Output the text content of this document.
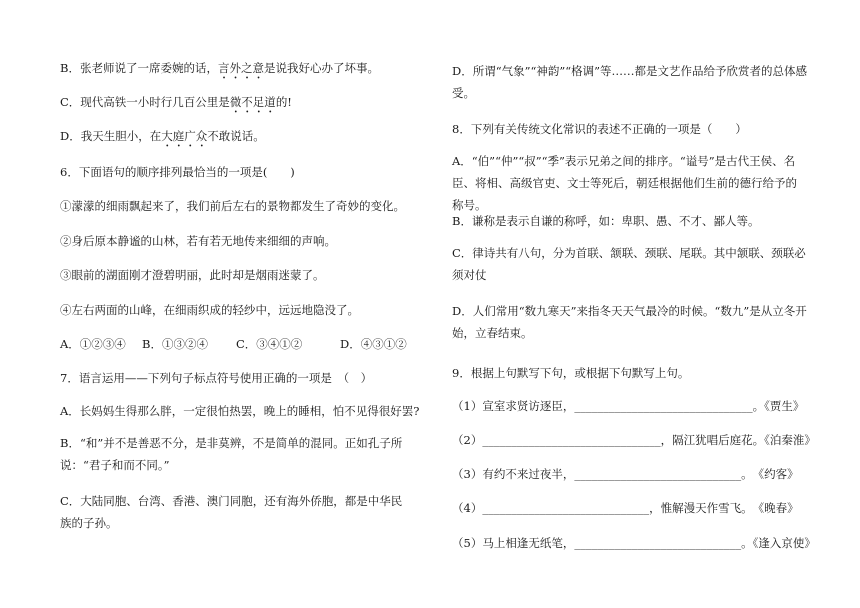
B．张老师说了一席委婉的话，言外之意是说我好心办了坏事。
C．现代高铁一小时行几百公里是微不足道的!
D．我天生胆小，在大庭广众不敢说话。
6．下面语句的顺序排列最恰当的一项是(　　)
①濛濛的细雨飘起来了，我们前后左右的景物都发生了奇妙的变化。
②身后原本静谧的山林，若有若无地传来细细的声响。
③眼前的湖面刚才澄碧明丽，此时却是烟雨迷蒙了。
④左右两面的山峰，在细雨织成的轻纱中，远远地隐没了。
A．①②③④ B．①③②④ C．③④①②	D．④③①②
7．语言运用——下列句子标点符号使用正确的一项是　（　）
A．长妈妈生得那么胖，一定很怕热罢，晚上的睡相，怕不见得很好罢?
B．“和”并不是善恶不分，是非莫辨，不是简单的混同。正如孔子所说：“君子和而不同。”
C．大陆同胞、台湾、香港、澳门同胞，还有海外侨胞，都是中华民族的子孙。
D．所谓“气象”“神韵”“格调”等……都是文艺作品给予欣赏者的总体感受。
8．下列有关传统文化常识的表述不正确的一项是（　　）
A．“伯”“仲”“叔”“季”表示兄弟之间的排序。“谥号”是古代王侯、名臣、将相、高级官吏、文士等死后，朝廷根据他们生前的德行给予的称号。
B．谦称是表示自谦的称呼，如：卑职、愚、不才、鄙人等。
C．律诗共有八句，分为首联、颔联、颈联、尾联。其中颔联、颈联必须对仗
D．人们常用“数九寒天”来指冬天天气最冷的时候。“数九”是从立冬开始，立春结束。
9．根据上句默写下句，或根据下句默写上句。
（1）宣室求贤访逐臣，_______________________________。《贾生》
（2）_______________________________，隔江犹唱后庭花。《泊秦淮》
（3）有约不来过夜半，_____________________________。　《约客》
（4）_____________________________，惟解漫天作雪飞。　《晚春》
（5）马上相逢无纸笔，_____________________________。《逢入京使》
